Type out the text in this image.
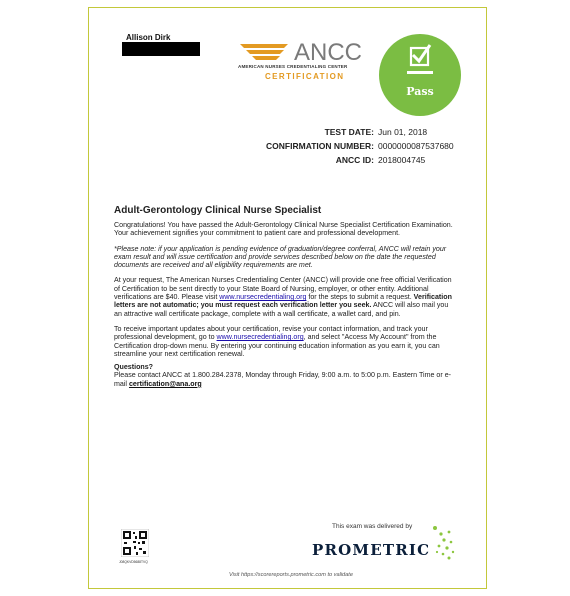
Allison Dirk
ANCC
AMERICAN NURSES CREDENTIALING CENTER
CERTIFICATION
Pass
TEST DATE: Jun 01, 2018
CONFIRMATION NUMBER: 0000000087537680
ANCC ID: 2018004745
Adult-Gerontology Clinical Nurse Specialist

Congratulations! You have passed the Adult-Gerontology Clinical Nurse Specialist Certification Examination. Your achievement signifies your commitment to patient care and professional development.

*Please note: if your application is pending evidence of graduation/degree conferral, ANCC will retain your exam result and will issue certification and provide services described below on the date the requested documents are received and all eligibility requirements are met.

At your request, The American Nurses Credentialing Center (ANCC) will provide one free official Verification of Certification to be sent directly to your State Board of Nursing, employer, or other entity. Additional verifications are $40. Please visit www.nursecredentialing.org for the steps to submit a request. Verification letters are not automatic; you must request each verification letter you seek. ANCC will also mail you an attractive wall certificate package, complete with a wall certificate, a wallet card, and pin.

To receive important updates about your certification, revise your contact information, and track your professional development, go to www.nursecredentialing.org, and select "Access My Account" from the Certification drop-down menu. By entering your continuing education information as you earn it, you can streamline your next certification renewal.

Questions?
Please contact ANCC at 1.800.284.2378, Monday through Friday, 9:00 a.m. to 5:00 p.m. Eastern Time or e-mail certification@ana.org

J08QKVD5688TVQ
This exam was delivered by
PROMETRIC
Visit https://scorereports.prometric.com to validate
